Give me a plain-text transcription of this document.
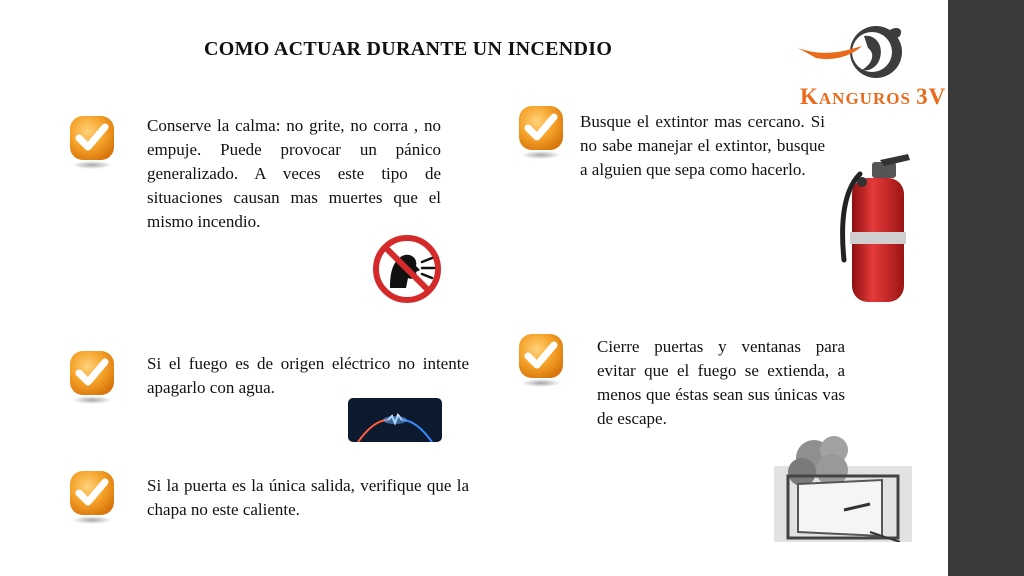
COMO ACTUAR DURANTE UN INCENDIO
KANGUROS 3V
Conserve la calma: no grite, no corra , no empuje. Puede provocar un pánico generalizado. A veces este tipo de situaciones causan mas muertes que el mismo incendio.
Busque el extintor mas cercano. Si no sabe manejar el extintor, busque a alguien que sepa como hacerlo.
Si el fuego es de origen eléctrico no intente apagarlo con agua.
Cierre puertas y ventanas para evitar que el fuego se extienda, a menos que éstas sean sus únicas vas de escape.
Si la puerta es la única salida, verifique que la chapa no este caliente.
